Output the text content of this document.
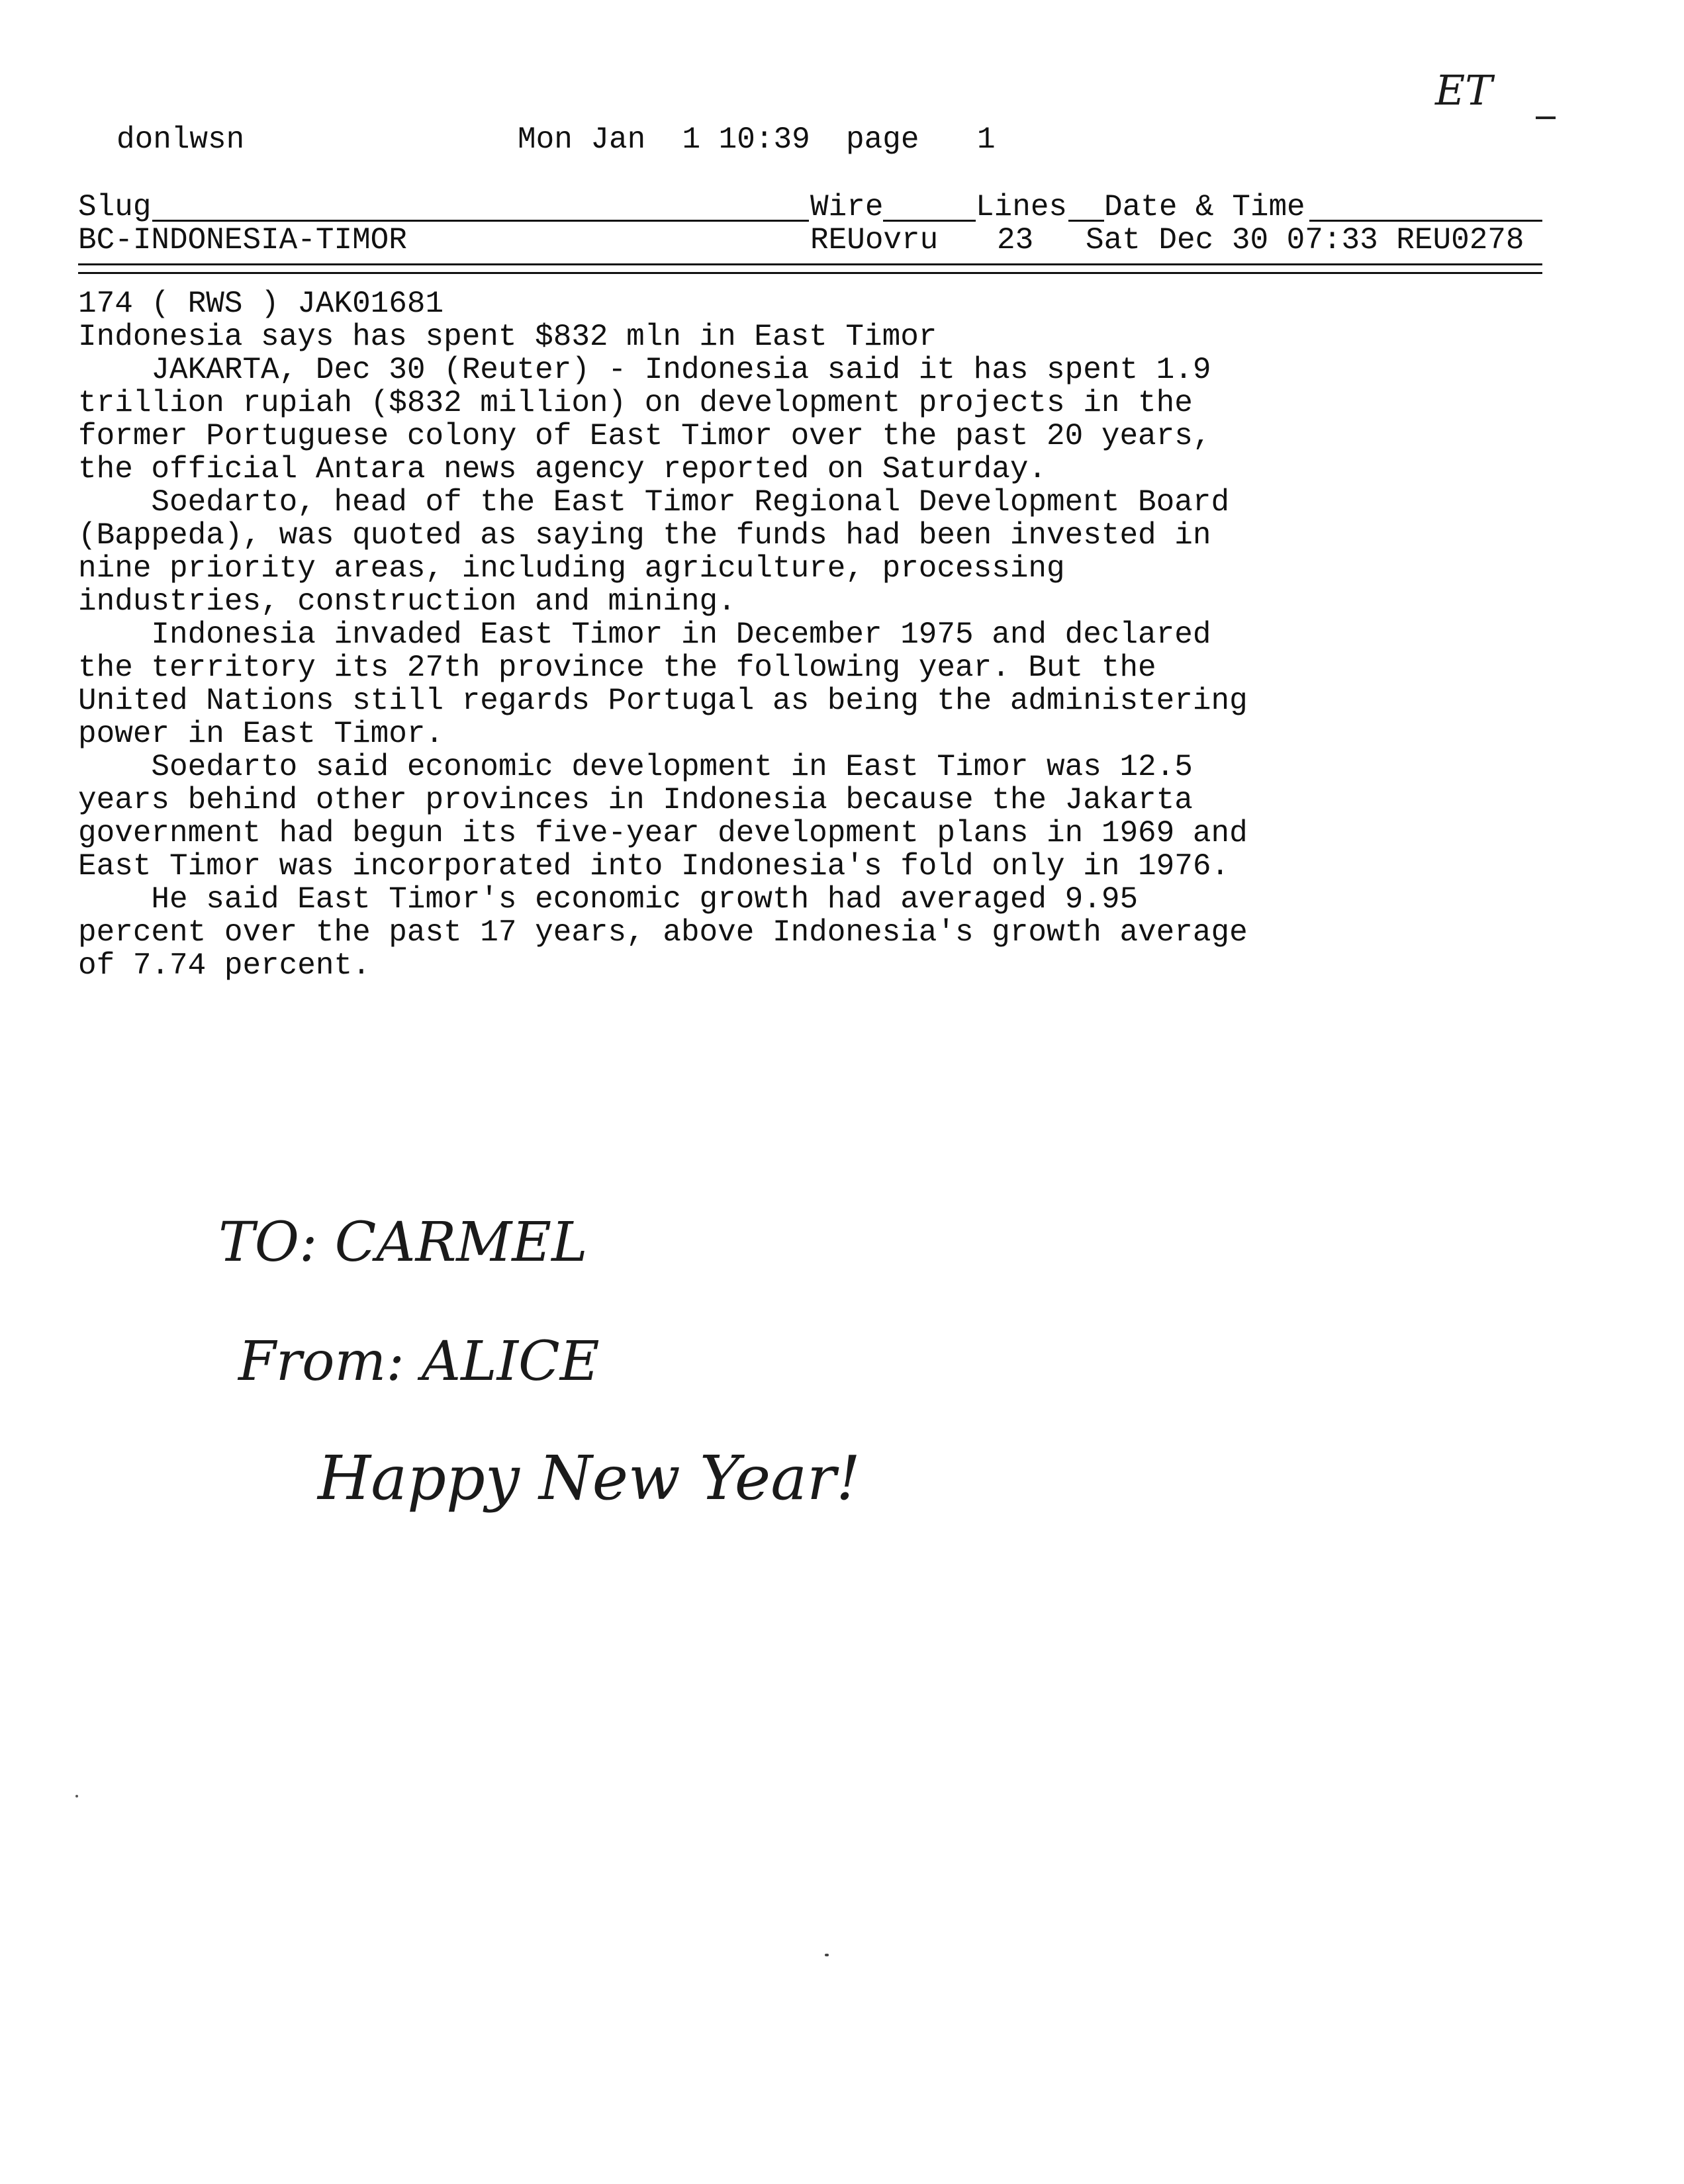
ET
donlwsn	Mon Jan  1 10:39 page 1
Slug	Wire	Lines Date & Time
BC-INDONESIA-TIMOR	REUovru 23 Sat Dec 30 07:33 REU0278
174 ( RWS ) JAK01681
Indonesia says has spent $832 mln in East Timor
JAKARTA, Dec 30 (Reuter) - Indonesia said it has spent 1.9
trillion rupiah ($832 million) on development projects in the
former Portuguese colony of East Timor over the past 20 years,
the official Antara news agency reported on Saturday.
Soedarto, head of the East Timor Regional Development Board
(Bappeda), was quoted as saying the funds had been invested in
nine priority areas, including agriculture, processing
industries, construction and mining.
Indonesia invaded East Timor in December 1975 and declared
the territory its 27th province the following year. But the
United Nations still regards Portugal as being the administering
power in East Timor.
Soedarto said economic development in East Timor was 12.5
years behind other provinces in Indonesia because the Jakarta
government had begun its five-year development plans in 1969 and
East Timor was incorporated into Indonesia's fold only in 1976.
He said East Timor's economic growth had averaged 9.95
percent over the past 17 years, above Indonesia's growth average
of 7.74 percent.
TO: CARMEL
From: ALICE
Happy New Year!
